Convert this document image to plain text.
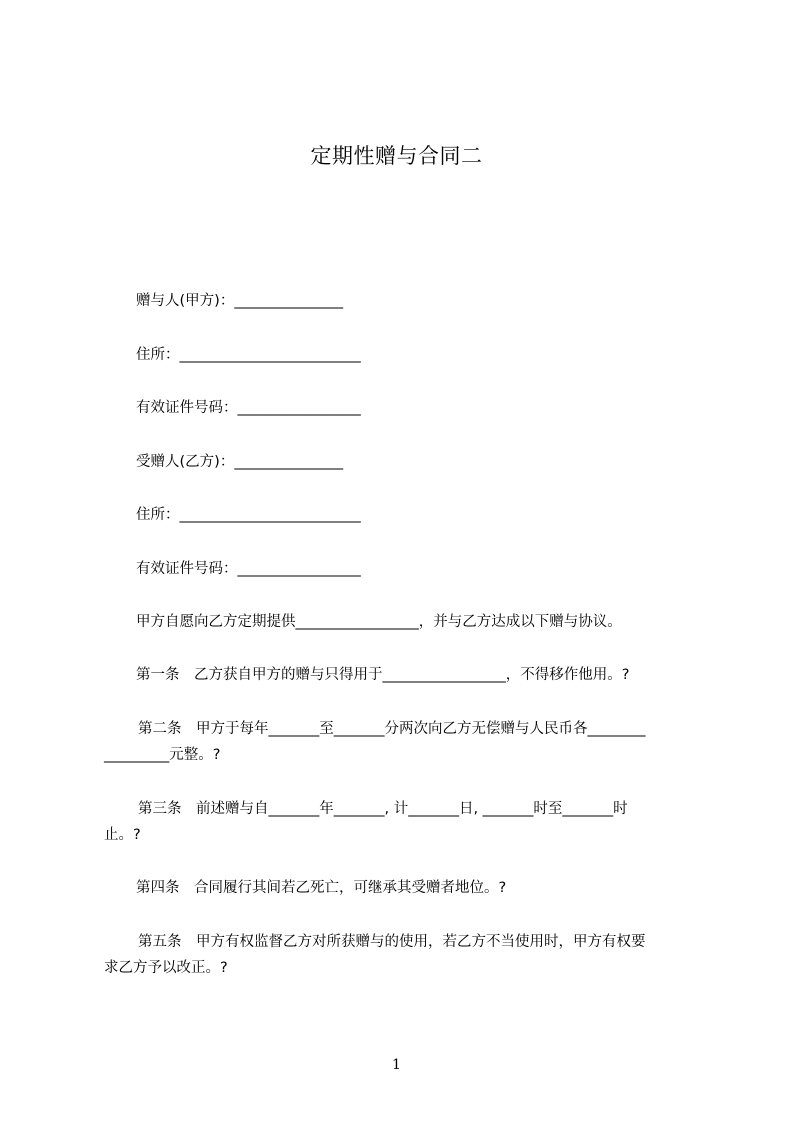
定期性赠与合同二
赠与人(甲方)：_______________
住所：_________________________
有效证件号码：_________________
受赠人(乙方)：_______________
住所：_________________________
有效证件号码：_________________
甲方自愿向乙方定期提供_________________，并与乙方达成以下赠与协议。
第一条　乙方获自甲方的赠与只得用于_________________，不得移作他用。?
第二条　甲方于每年_______至_______分两次向乙方无偿赠与人民币各________
_________元整。?
第三条　前述赠与自_______年_______, 计_______日, _______时至_______时
止。?
第四条　合同履行其间若乙死亡，可继承其受赠者地位。?
第五条　甲方有权监督乙方对所获赠与的使用，若乙方不当使用时，甲方有权要
求乙方予以改正。?
1
